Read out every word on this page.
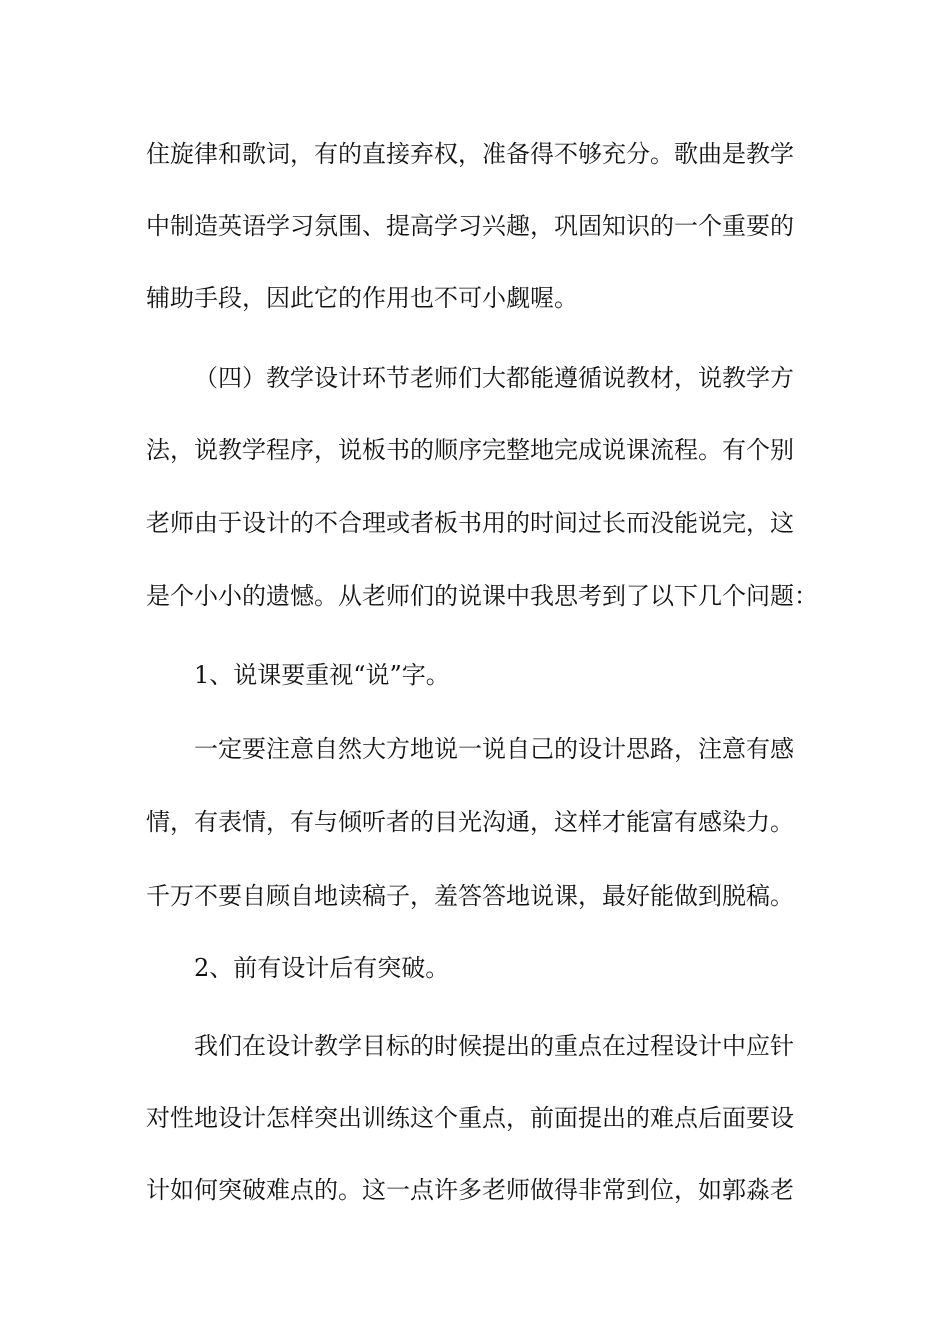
住旋律和歌词，有的直接弃权，准备得不够充分。歌曲是教学
中制造英语学习氛围、提高学习兴趣，巩固知识的一个重要的
辅助手段，因此它的作用也不可小觑喔。
（四）教学设计环节老师们大都能遵循说教材，说教学方
法，说教学程序，说板书的顺序完整地完成说课流程。有个别
老师由于设计的不合理或者板书用的时间过长而没能说完，这
是个小小的遗憾。从老师们的说课中我思考到了以下几个问题：
1、说课要重视“说”字。
一定要注意自然大方地说一说自己的设计思路，注意有感
情，有表情，有与倾听者的目光沟通，这样才能富有感染力。
千万不要自顾自地读稿子，羞答答地说课，最好能做到脱稿。
2、前有设计后有突破。
我们在设计教学目标的时候提出的重点在过程设计中应针
对性地设计怎样突出训练这个重点，前面提出的难点后面要设
计如何突破难点的。这一点许多老师做得非常到位，如郭淼老
